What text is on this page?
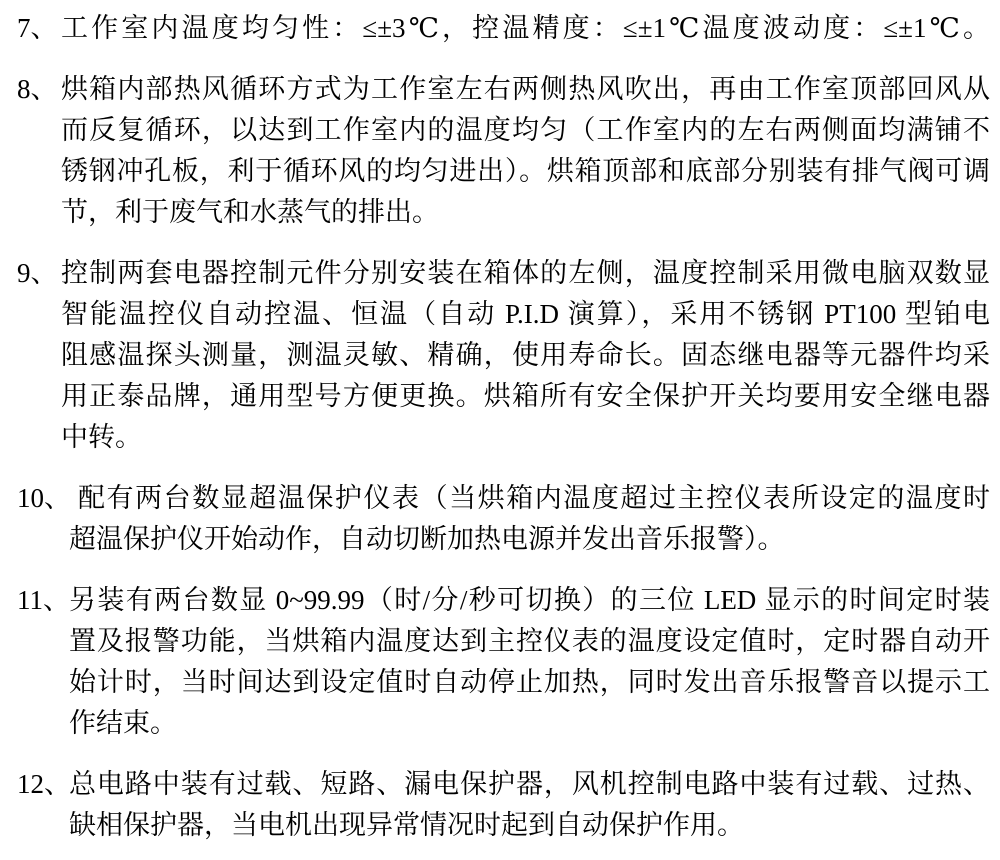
7、 工作室内温度均匀性：≤±3℃，控温精度：≤±1℃温度波动度：≤±1℃。
8、 烘箱内部热风循环方式为工作室左右两侧热风吹出，再由工作室顶部回风从
而反复循环，以达到工作室内的温度均匀（工作室内的左右两侧面均满铺不
锈钢冲孔板，利于循环风的均匀进出）。烘箱顶部和底部分别装有排气阀可调
节，利于废气和水蒸气的排出。
9、 控制两套电器控制元件分别安装在箱体的左侧，温度控制采用微电脑双数显
智能温控仪自动控温、恒温（自动 P.I.D 演算），采用不锈钢 PT100 型铂电
阻感温探头测量，测温灵敏、精确，使用寿命长。固态继电器等元器件均采
用正泰品牌，通用型号方便更换。烘箱所有安全保护开关均要用安全继电器
中转。
10、 配有两台数显超温保护仪表（当烘箱内温度超过主控仪表所设定的温度时
超温保护仪开始动作，自动切断加热电源并发出音乐报警）。
11、 另装有两台数显 0~99.99（时/分/秒可切换）的三位 LED 显示的时间定时装
置及报警功能，当烘箱内温度达到主控仪表的温度设定值时，定时器自动开
始计时，当时间达到设定值时自动停止加热，同时发出音乐报警音以提示工
作结束。
12、
总电路中装有过载、短路、漏电保护器，风机控制电路中装有过载、过热、
缺相保护器，当电机出现异常情况时起到自动保护作用。
